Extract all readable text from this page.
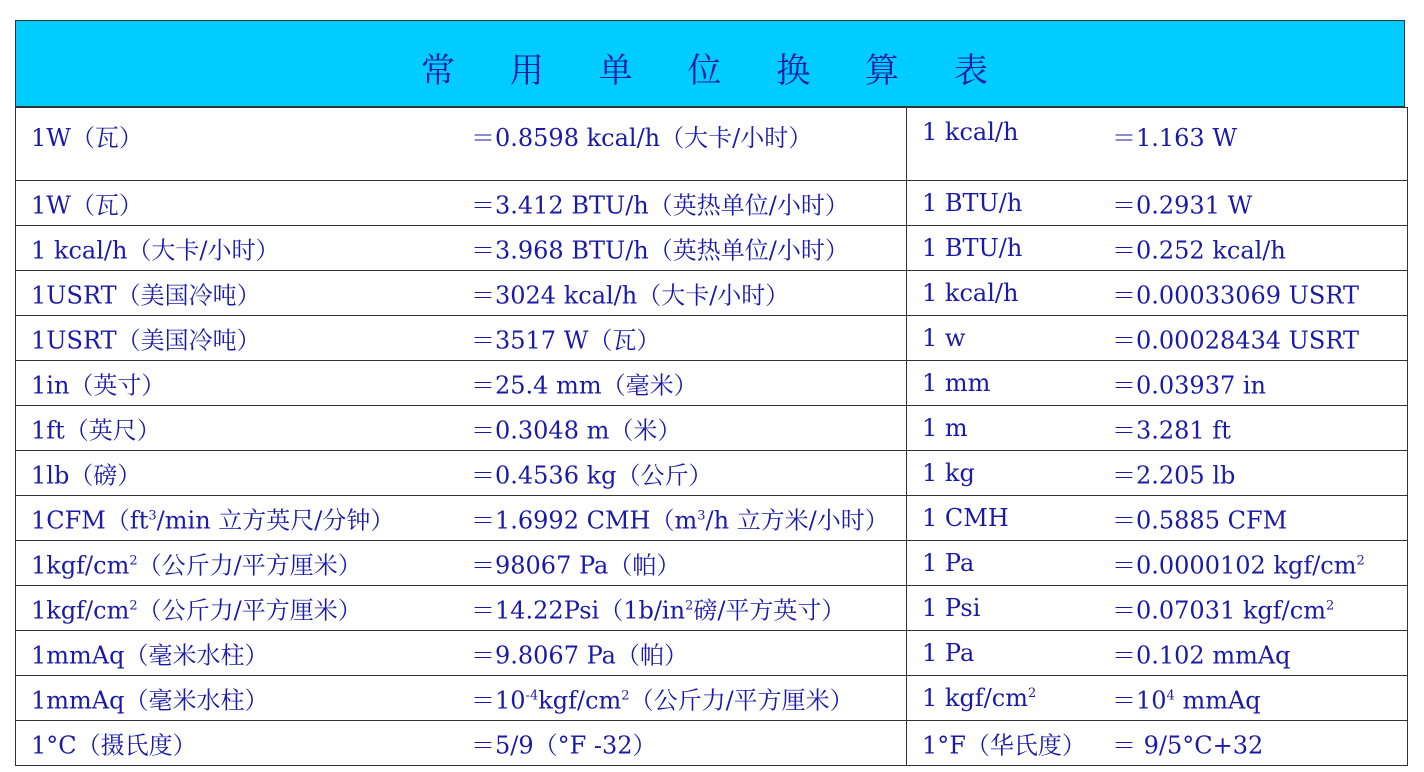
常 用 单 位 换 算 表
1W（瓦） ＝0.8598 kcal/h（大卡/小时）	1 kcal/h ＝1.163 W

1W（瓦） ＝3.412 BTU/h（英热单位/小时）	1 BTU/h ＝0.2931 W

1 kcal/h（大卡/小时） ＝3.968 BTU/h（英热单位/小时）	1 BTU/h ＝0.252 kcal/h

1USRT（美国冷吨） ＝3024 kcal/h（大卡/小时）	1 kcal/h ＝0.00033069 USRT

1USRT（美国冷吨） ＝3517 W（瓦）	1 w ＝0.00028434 USRT

1in（英寸） ＝25.4 mm（毫米）	1 mm ＝0.03937 in

1ft（英尺） ＝0.3048 m（米）	1 m ＝3.281 ft

1lb（磅） ＝0.4536 kg（公斤）	1 kg ＝2.205 lb

$1CFM(ft^3/\min$ 立方英尺/分钟） ＝1.6992 $CMH(m^3/h$ 立方米/小时）	1 CMH ＝0.5885 CFM

$1kgf/cm^2$（公斤力/平方厘米） ＝98067 Pa（帕）	1 Pa ＝0.0000102 kgf/$cm^2$

$1kgf/cm^2$（公斤力/平方厘米） $=14.22Psi(1b/in^2$磅/平方英寸）	1 Psi ＝0.07031 kgf/$cm^2$

1mmAq（毫米水柱） ＝9.8067 Pa（帕）	1 Pa ＝0.102 mmAq

1mmAq（毫米水柱） $=10^{-4}kgf/cm^2$（公斤力/平方厘米）	1 kgf/$cm^2 =10^4$ mmAq

1°C（摄氏度） ＝5/9（°F -32）	1°F（华氏度） ＝ 9/5°C+32
